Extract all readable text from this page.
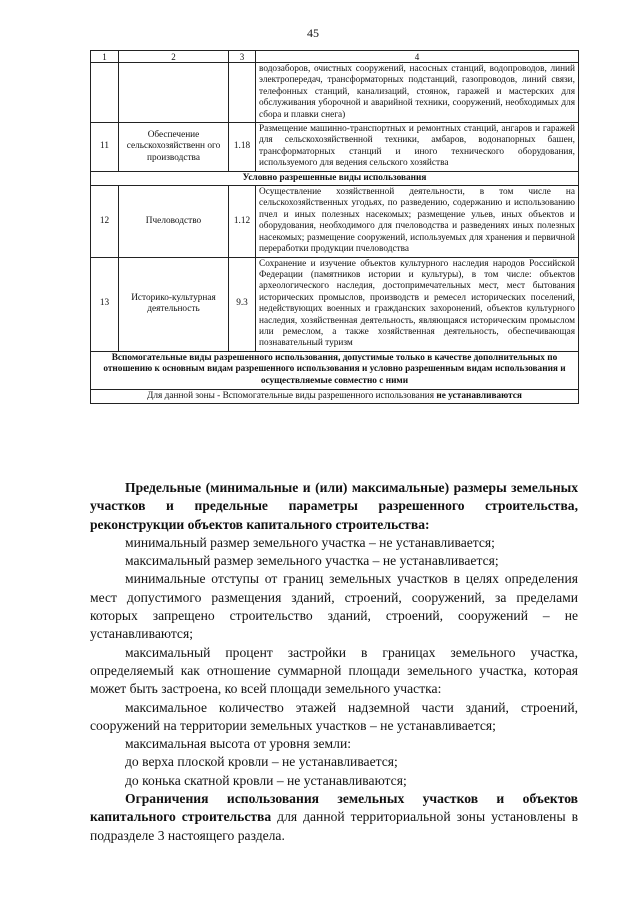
45
1	2	3	4
			водозаборов, очистных сооружений, насосных станций, водопроводов, линий электропередач, трансформаторных подстанций, газопроводов, линий связи, телефонных станций, канализаций, стоянок, гаражей и мастерских для обслуживания уборочной и аварийной техники, сооружений, необходимых для сбора и плавки снега)
11	Обеспечение сельскохозяйственн ого производства	1.18	Размещение машинно-транспортных и ремонтных станций, ангаров и гаражей для сельскохозяйственной техники, амбаров, водонапорных башен, трансформаторных станций и иного технического оборудования, используемого для ведения сельского хозяйства
Условно разрешенные виды использования			
12	Пчеловодство	1.12	Осуществление хозяйственной деятельности, в том числе на сельскохозяйственных угодьях, по разведению, содержанию и использованию пчел и иных полезных насекомых; размещение ульев, иных объектов и оборудования, необходимого для пчеловодства и разведениях иных полезных насекомых; размещение сооружений, используемых для хранения и первичной переработки продукции пчеловодства
13	Историко-культурная деятельность	9.3	Сохранение и изучение объектов культурного наследия народов Российской Федерации (памятников истории и культуры), в том числе: объектов археологического наследия, достопримечательных мест, мест бытования исторических промыслов, производств и ремесел исторических поселений, недействующих военных и гражданских захоронений, объектов культурного наследия, хозяйственная деятельность, являющаяся историческим промыслом или ремеслом, а также хозяйственная деятельность, обеспечивающая познавательный туризм
Вспомогательные виды разрешенного использования, допустимые только в качестве дополнительных по отношению к основным видам разрешенного использования и условно разрешенным видам использования и осуществляемые совместно с ними			
Для данной зоны - Вспомогательные виды разрешенного использования не устанавливаются			

Предельные (минимальные и (или) максимальные) размеры земельных участков и предельные параметры разрешенного строительства, реконструкции объектов капитального строительства:

минимальный размер земельного участка – не устанавливается;

максимальный размер земельного участка – не устанавливается;

минимальные отступы от границ земельных участков в целях определения мест допустимого размещения зданий, строений, сооружений, за пределами которых запрещено строительство зданий, строений, сооружений – не устанавливаются;

максимальный процент застройки в границах земельного участка, определяемый как отношение суммарной площади земельного участка, которая может быть застроена, ко всей площади земельного участка:

максимальное количество этажей надземной части зданий, строений, сооружений на территории земельных участков – не устанавливается;

максимальная высота от уровня земли:

до верха плоской кровли – не устанавливается;

до конька скатной кровли – не устанавливаются;

Ограничения использования земельных участков и объектов капитального строительства для данной территориальной зоны установлены в подразделе 3 настоящего раздела.
